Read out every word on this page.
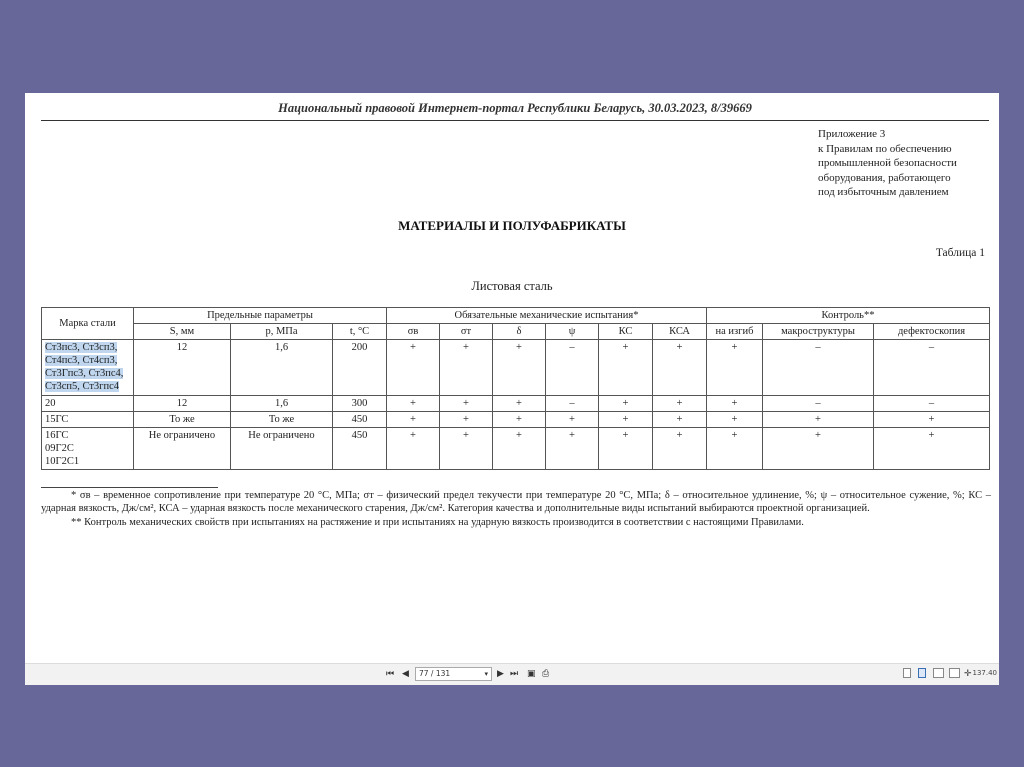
Национальный правовой Интернет-портал Республики Беларусь, 30.03.2023, 8/39669
Приложение 3
к Правилам по обеспечению
промышленной безопасности
оборудования, работающего
под избыточным давлением
МАТЕРИАЛЫ И ПОЛУФАБРИКАТЫ
Таблица 1
Листовая сталь
Марка стали	Предельные параметры			Обязательные механические испытания*						Контроль**		
	S, мм	p, МПа	t, °С	σв	σт	δ	ψ	КС	КСА	на изгиб	макроструктуры	дефектоскопия
Ст3пс3, Ст3сп3,
Ст4пс3, Ст4сп3,
Ст3Гпс3, Ст3пс4,
Ст3сп5, Ст3гпс4	12	1,6	200	+	+	+	–	+	+	+	–	–
20	12	1,6	300	+	+	+	–	+	+	+	–	–
15ГС	То же	То же	450	+	+	+	+	+	+	+	+	+
16ГС
09Г2С
10Г2С1	Не ограничено	Не ограничено	450	+	+	+	+	+	+	+	+	+

* σв – временное сопротивление при температуре 20 °С, МПа; σт – физический предел текучести при температуре 20 °С, МПа; δ – относительное удлинение, %; ψ – относительное сужение, %; КС – ударная вязкость, Дж/см², КСА – ударная вязкость после механического старения, Дж/см². Категория качества и дополнительные виды испытаний выбираются проектной организацией.

** Контроль механических свойств при испытаниях на растяжение и при испытаниях на ударную вязкость производится в соответствии с настоящими Правилами.

⏮ ◀	77 / 131	▾ ▶ ⏭ ▣ ⎙	✛ 137.40
